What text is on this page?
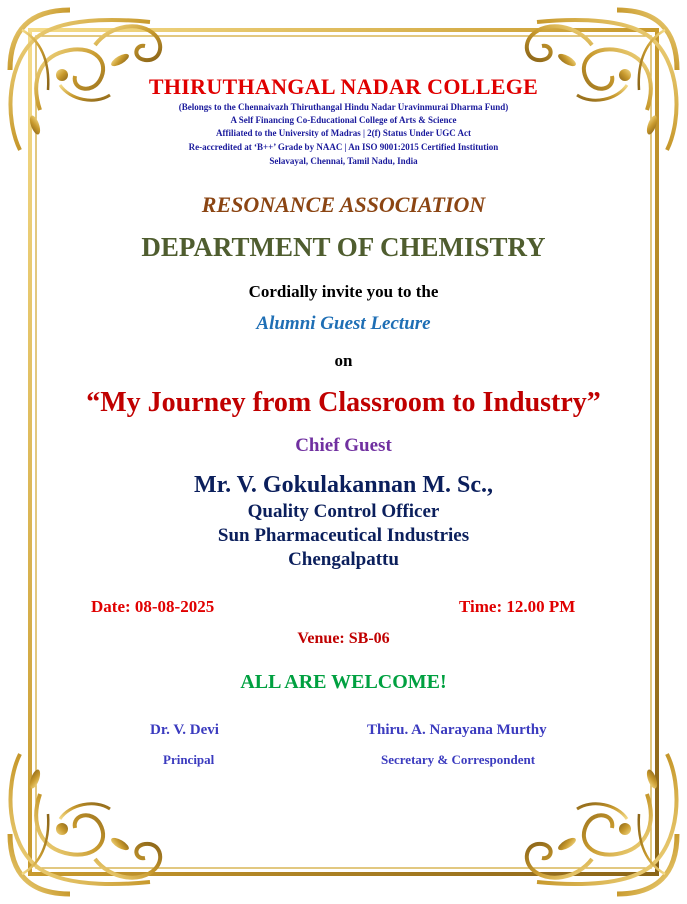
THIRUTHANGAL NADAR COLLEGE
(Belongs to the Chennaivazh Thiruthangal Hindu Nadar Uravinmurai Dharma Fund)
A Self Financing Co-Educational College of Arts & Science
Affiliated to the University of Madras | 2(f) Status Under UGC Act
Re-accredited at ‘B++’ Grade by NAAC | An ISO 9001:2015 Certified Institution
Selavayal, Chennai, Tamil Nadu, India
RESONANCE ASSOCIATION
DEPARTMENT OF CHEMISTRY
Cordially invite you to the
Alumni Guest Lecture
on
“My Journey from Classroom to Industry”
Chief Guest
Mr. V. Gokulakannan M. Sc.,
Quality Control Officer
Sun Pharmaceutical Industries
Chengalpattu
Date: 08-08-2025	Time: 12.00 PM
Venue: SB-06
ALL ARE WELCOME!
Dr. V. Devi
Principal
Thiru. A. Narayana Murthy
Secretary & Correspondent
